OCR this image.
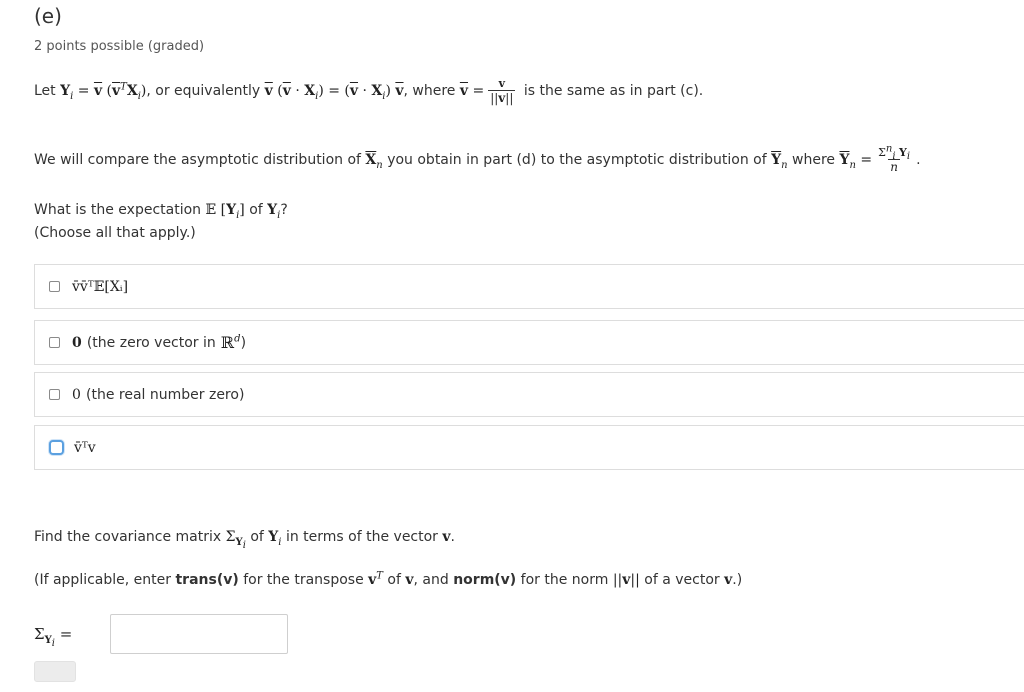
(e)
2 points possible (graded)
Let
$Y_i = \overline{v}$ $(\overline{v}^TX_i)$ , or equivalently
$\overline{v}$ $(\overline{v} \cdot X_i) = (\overline{v} \cdot X_i)$ $\overline{v}$ , where
$\overline{v} = \frac{v}{||v||}$
is the same as in part (c).
We will compare the asymptotic distribution of
$\overline{X}_n$
you obtain in part (d) to the asymptotic distribution of
$\overline{Y}_n$
where
$\overline{Y}_n = \frac{\Sigma^n_i Y_i}{n}$ .
What is the expectation 𝔼 $[Y_i]$ of $Y_i$?
(Choose all that apply.)
v̄v̄ᵀ𝔼[Xᵢ]
0
(the zero vector in
ℝ$^d$ )
0
(the real number zero)
v̄ᵀv
Find the covariance matrix $\Sigma_{Y_i}$ of $Y_i$ in terms of the vector v.
(If applicable, enter trans(v) for the transpose $v^T$ of v, and norm(v) for the norm ||v|| of a vector v.)
$\Sigma_{Y_i}$ =
